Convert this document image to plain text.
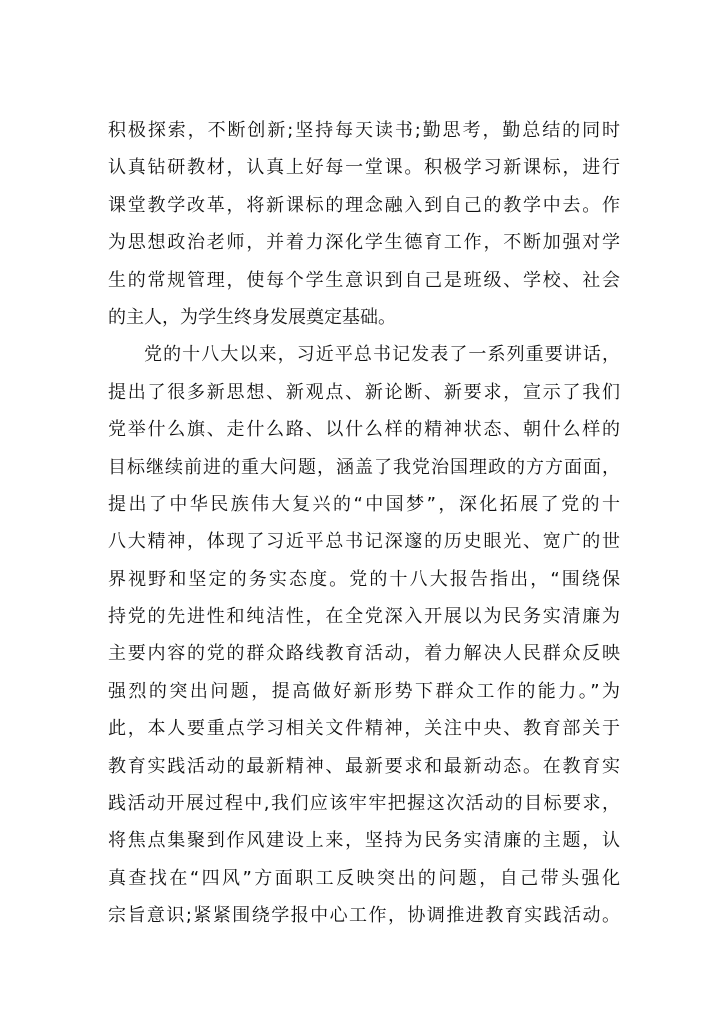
积极探索，不断创新;坚持每天读书;勤思考，勤总结的同时
认真钻研教材，认真上好每一堂课。积极学习新课标，进行
课堂教学改革，将新课标的理念融入到自己的教学中去。作
为思想政治老师，并着力深化学生德育工作，不断加强对学
生的常规管理，使每个学生意识到自己是班级、学校、社会
的主人，为学生终身发展奠定基础。
党的十八大以来，习近平总书记发表了一系列重要讲话，
提出了很多新思想、新观点、新论断、新要求，宣示了我们
党举什么旗、走什么路、以什么样的精神状态、朝什么样的
目标继续前进的重大问题，涵盖了我党治国理政的方方面面，
提出了中华民族伟大复兴的“中国梦”，深化拓展了党的十
八大精神，体现了习近平总书记深邃的历史眼光、宽广的世
界视野和坚定的务实态度。党的十八大报告指出，“围绕保
持党的先进性和纯洁性，在全党深入开展以为民务实清廉为
主要内容的党的群众路线教育活动，着力解决人民群众反映
强烈的突出问题，提高做好新形势下群众工作的能力。”为
此，本人要重点学习相关文件精神，关注中央、教育部关于
教育实践活动的最新精神、最新要求和最新动态。在教育实
践活动开展过程中,我们应该牢牢把握这次活动的目标要求，
将焦点集聚到作风建设上来，坚持为民务实清廉的主题，认
真查找在“四风”方面职工反映突出的问题，自己带头强化
宗旨意识;紧紧围绕学报中心工作，协调推进教育实践活动。
